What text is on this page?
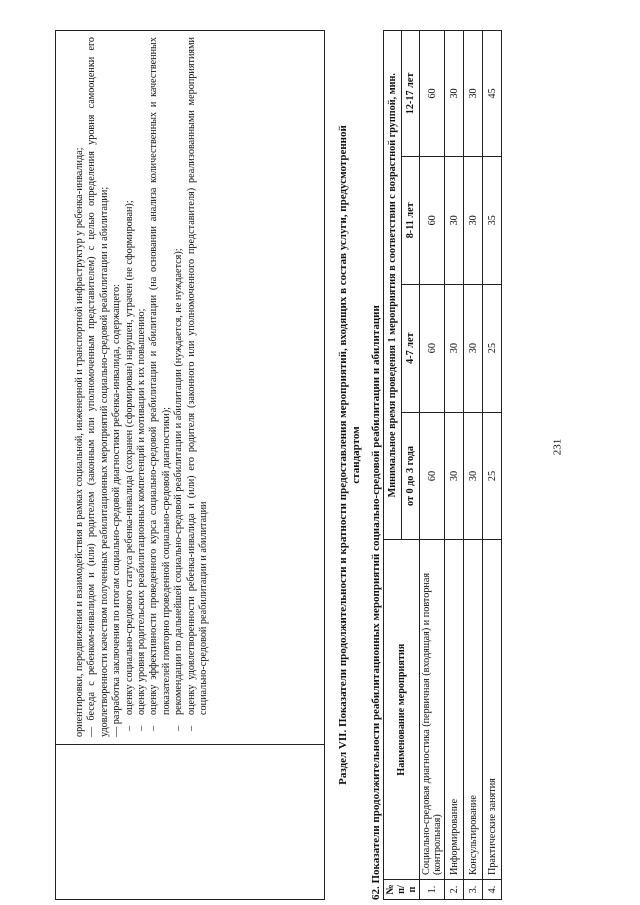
231

ориентировки, передвижения и взаимодействия в рамках социальной, инженерной и транспортной инфраструктур у ребенка-инвалида; — беседа с ребенком-инвалидом и (или) родителем (законным или уполномоченным представителем) с целью определения уровня самооценки его удовлетворенности качеством полученных реабилитационных мероприятий социально-средовой реабилитации и абилитации; — разработка заключения по итогам социально-средовой диагностики ребенка-инвалида, содержащего: –
оценку социально-средового статуса ребенка-инвалида (сохранен (сформирован) нарушен, утрачен (не сформирован);

–
оценку уровня родительских реабилитационных компетенций и мотивации к их повышению;

–
оценку эффективности проведенного курса социально-средовой реабилитации и абилитации (на основании анализа количественных и качественных показателей повторно проведенной социально-средовой диагностики);

–
рекомендации по дальнейшей социально-средовой реабилитации и абилитации (нуждается, не нуждается);

–
оценку удовлетворенности ребенка-инвалида и (или) его родителя (законного или уполномоченного представителя) реализованными мероприятиями социально-средовой реабилитации и абилитации	Раздел VII. Показатели продолжительности и кратности предоставления мероприятий, входящих в состав услуги, предусмотренной стандартом 62. Показатели продолжительности реабилитационных мероприятий социально-средовой реабилитации и абилитации № п/п	Наименование мероприятия	Минимальное время проведения 1 мероприятия в соответствии с возрастной группой, мин.			
		от 0 до 3 года	4-7 лет	8-11 лет	12-17 лет
1.	Социально-средовая диагностика (первичная (входящая) и повторная (контрольная)	60	60	60	60
2.	Информирование	30	30	30	30
3.	Консультирование	30	30	30	30
4.	Практические занятия	25	25	35	45
